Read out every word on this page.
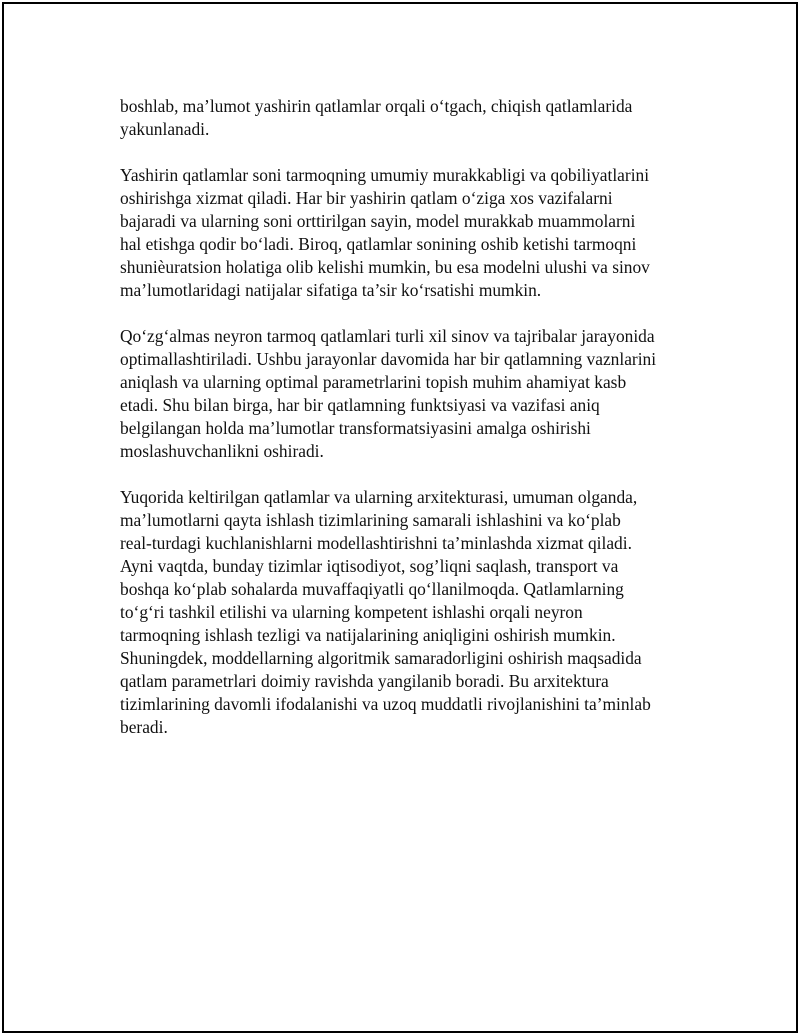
boshlab, ma’lumot yashirin qatlamlar orqali o‘tgach, chiqish qatlamlarida
yakunlanadi.

Yashirin qatlamlar soni tarmoqning umumiy murakkabligi va qobiliyatlarini
oshirishga xizmat qiladi. Har bir yashirin qatlam o‘ziga xos vazifalarni
bajaradi va ularning soni orttirilgan sayin, model murakkab muammolarni
hal etishga qodir bo‘ladi. Biroq, qatlamlar sonining oshib ketishi tarmoqni
shunièuratsion holatiga olib kelishi mumkin, bu esa modelni ulushi va sinov
ma’lumotlaridagi natijalar sifatiga ta’sir ko‘rsatishi mumkin.

Qo‘zg‘almas neyron tarmoq qatlamlari turli xil sinov va tajribalar jarayonida
optimallashtiriladi. Ushbu jarayonlar davomida har bir qatlamning vaznlarini
aniqlash va ularning optimal parametrlarini topish muhim ahamiyat kasb
etadi. Shu bilan birga, har bir qatlamning funktsiyasi va vazifasi aniq
belgilangan holda ma’lumotlar transformatsiyasini amalga oshirishi
moslashuvchanlikni oshiradi.

Yuqorida keltirilgan qatlamlar va ularning arxitekturasi, umuman olganda,
ma’lumotlarni qayta ishlash tizimlarining samarali ishlashini va ko‘plab
real-turdagi kuchlanishlarni modellashtirishni ta’minlashda xizmat qiladi.
Ayni vaqtda, bunday tizimlar iqtisodiyot, sog’liqni saqlash, transport va
boshqa ko‘plab sohalarda muvaffaqiyatli qo‘llanilmoqda. Qatlamlarning
to‘g‘ri tashkil etilishi va ularning kompetent ishlashi orqali neyron
tarmoqning ishlash tezligi va natijalarining aniqligini oshirish mumkin.
Shuningdek, moddellarning algoritmik samaradorligini oshirish maqsadida
qatlam parametrlari doimiy ravishda yangilanib boradi. Bu arxitektura
tizimlarining davomli ifodalanishi va uzoq muddatli rivojlanishini ta’minlab
beradi.
